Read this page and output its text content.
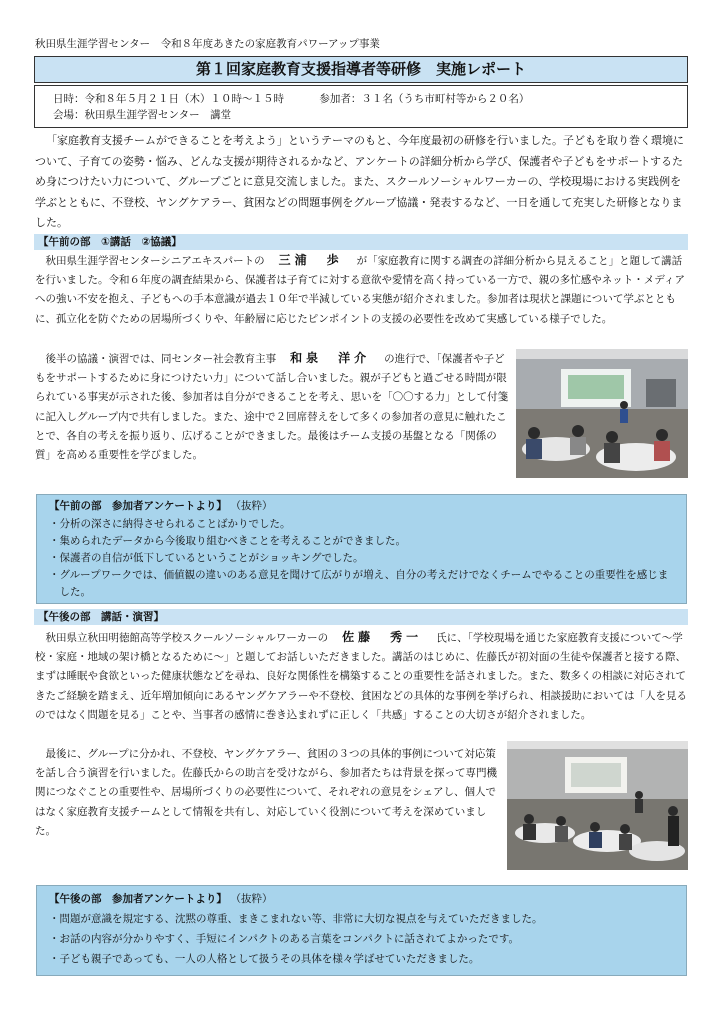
秋田県生涯学習センター　令和８年度あきたの家庭教育パワーアップ事業
第１回家庭教育支援指導者等研修　実施レポート
日時：令和８年５月２１日（木）１０時～１５時	参加者：３１名（うち市町村等から２０名）
会場：秋田県生涯学習センター　講堂

「家庭教育支援チームができることを考えよう」というテーマのもと、今年度最初の研修を行いました。子どもを取り巻く環境について、子育ての姿勢・悩み、どんな支援が期待されるかなど、アンケートの詳細分析から学び、保護者や子どもをサポートするため身につけたい力について、グループごとに意見交流しました。また、スクールソーシャルワーカーの、学校現場における実践例を学ぶとともに、不登校、ヤングケアラー、貧困などの問題事例をグループ協議・発表するなど、一日を通して充実した研修となりました。

【午前の部　①講話　②協議】

秋田県生涯学習センターシニアエキスパートの 三浦　歩 が「家庭教育に関する調査の詳細分析から見えること」と題して講話を行いました。令和６年度の調査結果から、保護者は子育てに対する意欲や愛情を高く持っている一方で、親の多忙感やネット・メディアへの強い不安を抱え、子どもへの手本意識が過去１０年で半減している実態が紹介されました。参加者は現状と課題について学ぶとともに、孤立化を防ぐための居場所づくりや、年齢層に応じたピンポイントの支援の必要性を改めて実感している様子でした。

後半の協議・演習では、同センター社会教育主事 和泉　洋介 の進行で、「保護者や子どもをサポートするために身につけたい力」について話し合いました。親が子どもと過ごせる時間が限られている事実が示された後、参加者は自分ができることを考え、思いを「〇〇する力」として付箋に記入しグループ内で共有しました。また、途中で２回席替えをして多くの参加者の意見に触れたことで、各自の考えを振り返り、広げることができました。最後はチーム支援の基盤となる「関係の質」を高める重要性を学びました。

【午前の部　参加者アンケートより】 （抜粋）
・分析の深さに納得させられることばかりでした。
・集められたデータから今後取り組むべきことを考えることができました。
・保護者の自信が低下しているということがショッキングでした。
・グループワークでは、価値観の違いのある意見を聞けて広がりが増え、自分の考えだけでなくチームでやることの重要性を感じました。
【午後の部　講話・演習】

秋田県立秋田明徳館高等学校スクールソーシャルワーカーの 佐藤　秀一 氏に、「学校現場を通じた家庭教育支援について～学校・家庭・地域の架け橋となるために～」と題してお話しいただきました。講話のはじめに、佐藤氏が初対面の生徒や保護者と接する際、まずは睡眠や食欲といった健康状態などを尋ね、良好な関係性を構築することの重要性を話されました。また、数多くの相談に対応されてきたご経験を踏まえ、近年増加傾向にあるヤングケアラーや不登校、貧困などの具体的な事例を挙げられ、相談援助においては「人を見るのではなく問題を見る」ことや、当事者の感情に巻き込まれずに正しく「共感」することの大切さが紹介されました。

最後に、グループに分かれ、不登校、ヤングケアラー、貧困の３つの具体的事例について対応策を話し合う演習を行いました。佐藤氏からの助言を受けながら、参加者たちは背景を探って専門機関につなぐことの重要性や、居場所づくりの必要性について、それぞれの意見をシェアし、個人ではなく家庭教育支援チームとして情報を共有し、対応していく役割について考えを深めていました。

【午後の部　参加者アンケートより】 （抜粋）
・問題が意識を規定する、沈黙の尊重、まきこまれない等、非常に大切な視点を与えていただきました。
・お話の内容が分かりやすく、手短にインパクトのある言葉をコンパクトに話されてよかったです。
・子ども親子であっても、一人の人格として扱うその具体を様々学ばせていただきました。
